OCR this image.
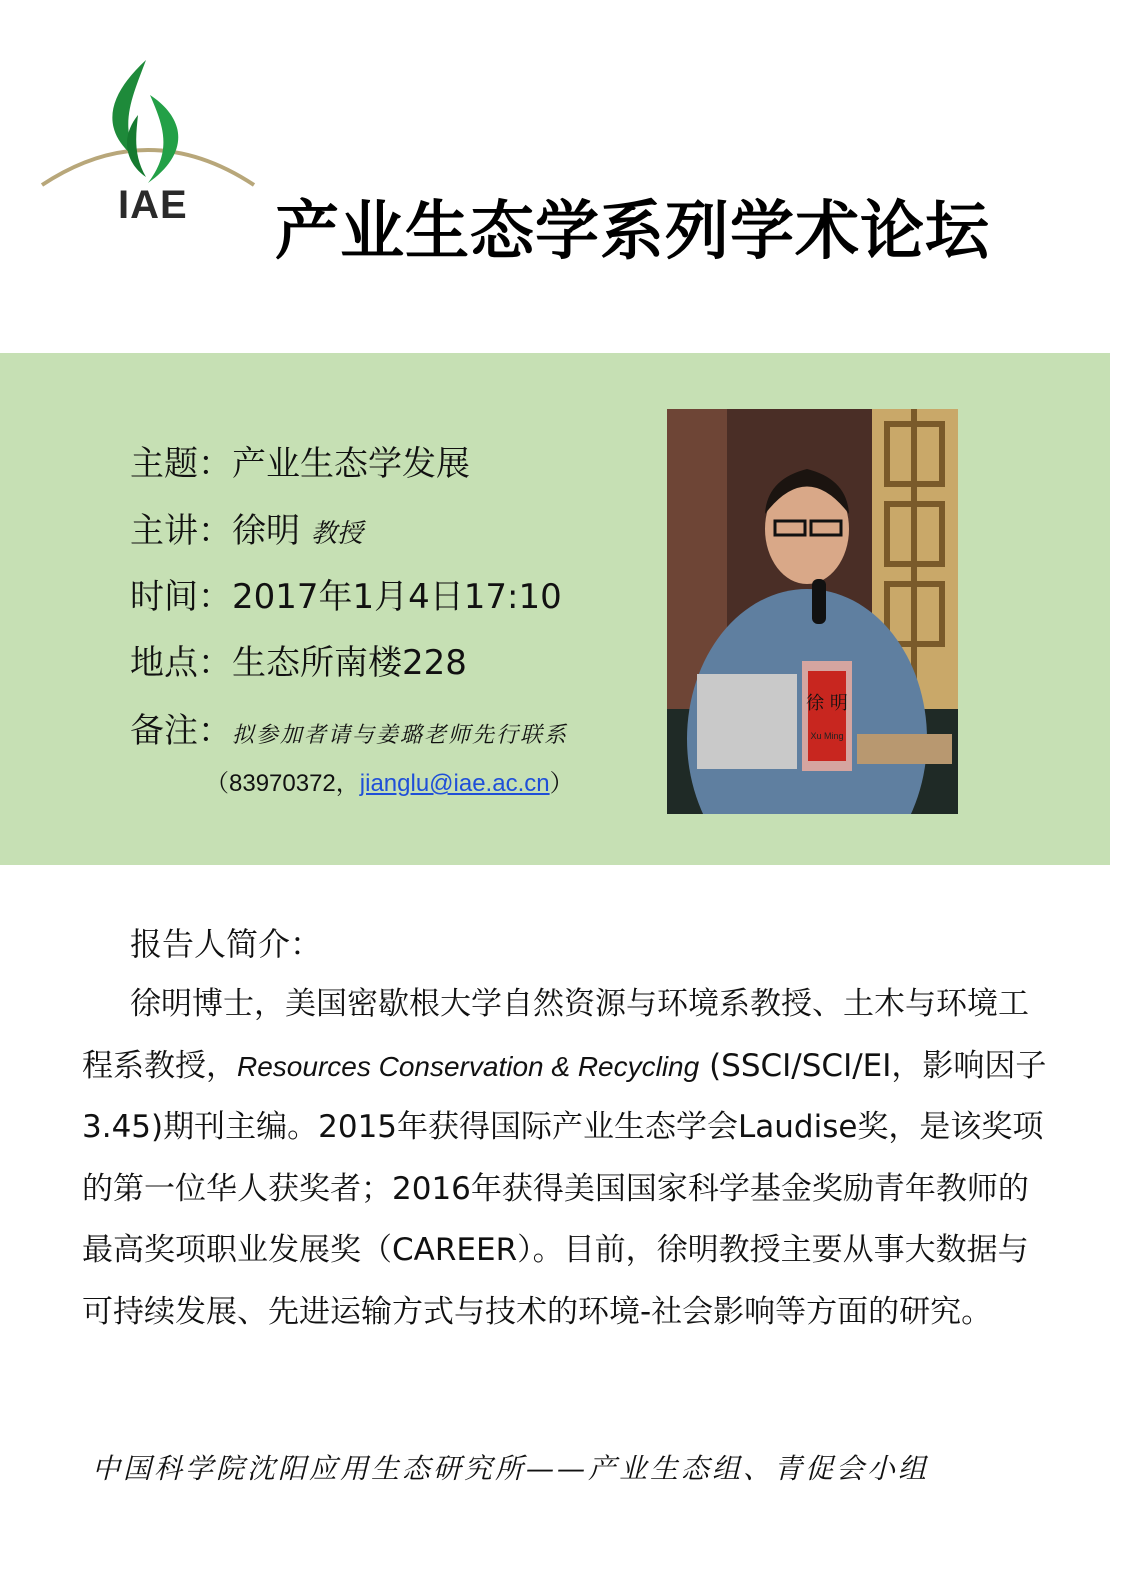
IAE 产业生态学系列学术论坛
主题：产业生态学发展
主讲：徐明 教授
时间：2017年1月4日17:10
地点：生态所南楼228
备注：拟参加者请与姜璐老师先行联系
（83970372，jianglu@iae.ac.cn）
徐 明
Xu Ming
报告人简介：
徐明博士，美国密歇根大学自然资源与环境系教授、土木与环境工程系教授，Resources Conservation & Recycling (SSCI/SCI/EI，影响因子3.45)期刊主编。2015年获得国际产业生态学会Laudise奖，是该奖项的第一位华人获奖者；2016年获得美国国家科学基金奖励青年教师的最高奖项职业发展奖（CAREER）。目前，徐明教授主要从事大数据与可持续发展、先进运输方式与技术的环境-社会影响等方面的研究。
中国科学院沈阳应用生态研究所——产业生态组、青促会小组
